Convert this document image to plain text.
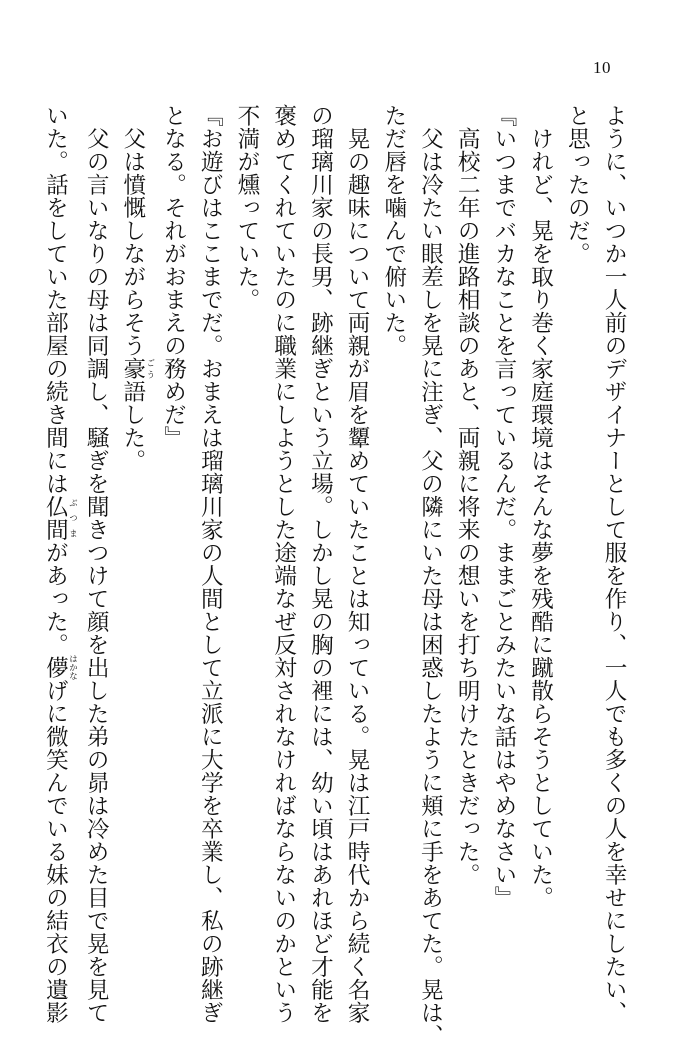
10
ように、いつか一人前のデザイナーとして服を作り、一人でも多くの人を幸せにしたい、
と思ったのだ。
けれど、晃を取り巻く家庭環境はそんな夢を残酷に蹴散らそうとしていた。
『いつまでバカなことを言っているんだ。ままごとみたいな話はやめなさい』
高校二年の進路相談のあと、両親に将来の想いを打ち明けたときだった。
父は冷たい眼差しを晃に注ぎ、父の隣にいた母は困惑したように頬に手をあてた。晃は、
ただ唇を噛んで俯いた。
晃の趣味について両親が眉を顰めていたことは知っている。晃は江戸時代から続く名家
の瑠璃川家の長男、跡継ぎという立場。しかし晃の胸の裡には、幼い頃はあれほど才能を
褒めてくれていたのに職業にしようとした途端なぜ反対されなければならないのかという
不満が燻っていた。
『お遊びはここまでだ。おまえは瑠璃川家の人間として立派に大学を卒業し、私の跡継ぎ
となる。それがおまえの務めだ』
父は憤慨しながらそう豪 ごう語した。
父の言いなりの母は同調し、騒ぎを聞きつけて顔を出した弟の昴は冷めた目で晃を見て
いた。話をしていた部屋の続き間には仏間 ぶつまがあった。儚 はかなげに微笑んでいる妹の結衣の遺影
